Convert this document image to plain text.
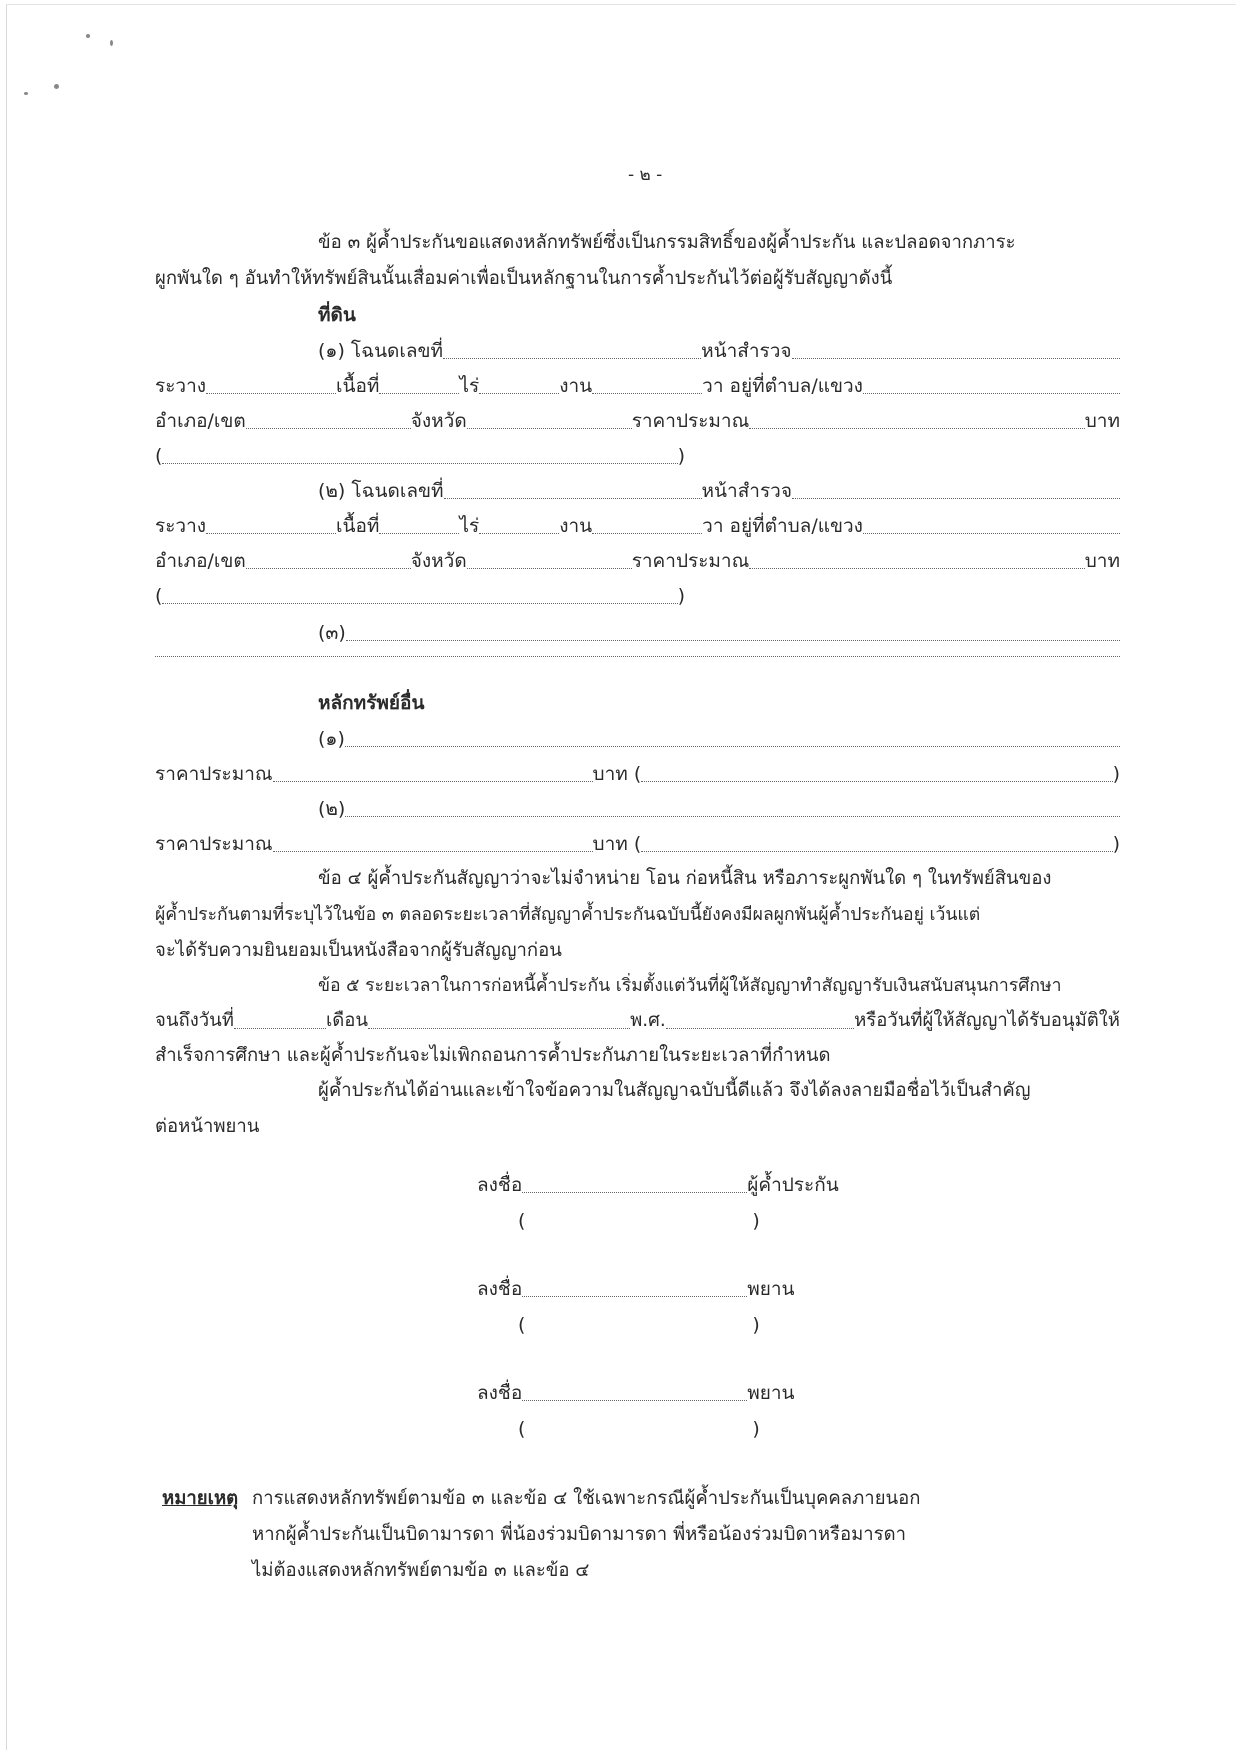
- ๒ -
ข้อ ๓ ผู้ค้ำประกันขอแสดงหลักทรัพย์ซึ่งเป็นกรรมสิทธิ์ของผู้ค้ำประกัน และปลอดจากภาระ
ผูกพันใด ๆ อันทำให้ทรัพย์สินนั้นเสื่อมค่าเพื่อเป็นหลักฐานในการค้ำประกันไว้ต่อผู้รับสัญญาดังนี้
ที่ดิน
(๑) โฉนดเลขที่	หน้าสำรวจ
ระวาง	เนื้อที่	ไร่	งาน	วา อยู่ที่ตำบล/แขวง
อำเภอ/เขต	จังหวัด	ราคาประมาณ	บาท
(	)
(๒) โฉนดเลขที่	หน้าสำรวจ
ระวาง	เนื้อที่	ไร่	งาน	วา อยู่ที่ตำบล/แขวง
อำเภอ/เขต	จังหวัด	ราคาประมาณ	บาท
(	)
(๓)
หลักทรัพย์อื่น
(๑)
ราคาประมาณ	บาท (	)
(๒)
ราคาประมาณ	บาท (	)
ข้อ ๔ ผู้ค้ำประกันสัญญาว่าจะไม่จำหน่าย โอน ก่อหนี้สิน หรือภาระผูกพันใด ๆ ในทรัพย์สินของ
ผู้ค้ำประกันตามที่ระบุไว้ในข้อ ๓ ตลอดระยะเวลาที่สัญญาค้ำประกันฉบับนี้ยังคงมีผลผูกพันผู้ค้ำประกันอยู่ เว้นแต่
จะได้รับความยินยอมเป็นหนังสือจากผู้รับสัญญาก่อน
ข้อ ๕ ระยะเวลาในการก่อหนี้ค้ำประกัน เริ่มตั้งแต่วันที่ผู้ให้สัญญาทำสัญญารับเงินสนับสนุนการศึกษา
จนถึงวันที่	เดือน	พ.ศ.	หรือวันที่ผู้ให้สัญญาได้รับอนุมัติให้
สำเร็จการศึกษา และผู้ค้ำประกันจะไม่เพิกถอนการค้ำประกันภายในระยะเวลาที่กำหนด
ผู้ค้ำประกันได้อ่านและเข้าใจข้อความในสัญญาฉบับนี้ดีแล้ว จึงได้ลงลายมือชื่อไว้เป็นสำคัญ
ต่อหน้าพยาน
ลงชื่อ	ผู้ค้ำประกัน
(	)
ลงชื่อ	พยาน
(	)
ลงชื่อ	พยาน
(	)
หมายเหตุ การแสดงหลักทรัพย์ตามข้อ ๓ และข้อ ๔ ใช้เฉพาะกรณีผู้ค้ำประกันเป็นบุคคลภายนอก
หากผู้ค้ำประกันเป็นบิดามารดา พี่น้องร่วมบิดามารดา พี่หรือน้องร่วมบิดาหรือมารดา
ไม่ต้องแสดงหลักทรัพย์ตามข้อ ๓ และข้อ ๔
